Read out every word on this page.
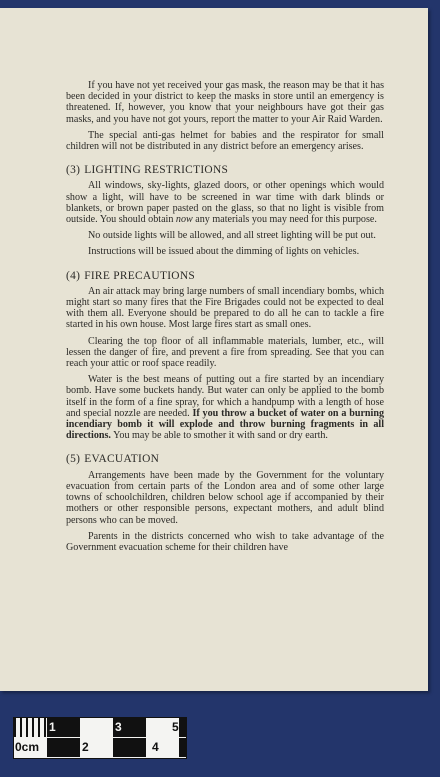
If you have not yet received your gas mask, the reason may be that it has been decided in your district to keep the masks in store until an emergency is threatened. If, however, you know that your neighbours have got their gas masks, and you have not got yours, report the matter to your Air Raid Warden.

The special anti-gas helmet for babies and the respirator for small children will not be distributed in any district before an emergency arises.

(3) LIGHTING RESTRICTIONS

All windows, sky-lights, glazed doors, or other openings which would show a light, will have to be screened in war time with dark blinds or blankets, or brown paper pasted on the glass, so that no light is visible from outside. You should obtain now any materials you may need for this purpose.

No outside lights will be allowed, and all street lighting will be put out.

Instructions will be issued about the dimming of lights on vehicles.

(4) FIRE PRECAUTIONS

An air attack may bring large numbers of small incendiary bombs, which might start so many fires that the Fire Brigades could not be expected to deal with them all. Everyone should be prepared to do all he can to tackle a fire started in his own house. Most large fires start as small ones.

Clearing the top floor of all inflammable materials, lumber, etc., will lessen the danger of fire, and prevent a fire from spreading. See that you can reach your attic or roof space readily.

Water is the best means of putting out a fire started by an incendiary bomb. Have some buckets handy. But water can only be applied to the bomb itself in the form of a fine spray, for which a handpump with a length of hose and special nozzle are needed. If you throw a bucket of water on a burning incendiary bomb it will explode and throw burning fragments in all directions. You may be able to smother it with sand or dry earth.

(5) EVACUATION

Arrangements have been made by the Government for the voluntary evacuation from certain parts of the London area and of some other large towns of schoolchildren, children below school age if accompanied by their mothers or other responsible persons, expectant mothers, and adult blind persons who can be moved.

Parents in the districts concerned who wish to take advantage of the Government evacuation scheme for their children have

1	3	5
0cm	2	4
